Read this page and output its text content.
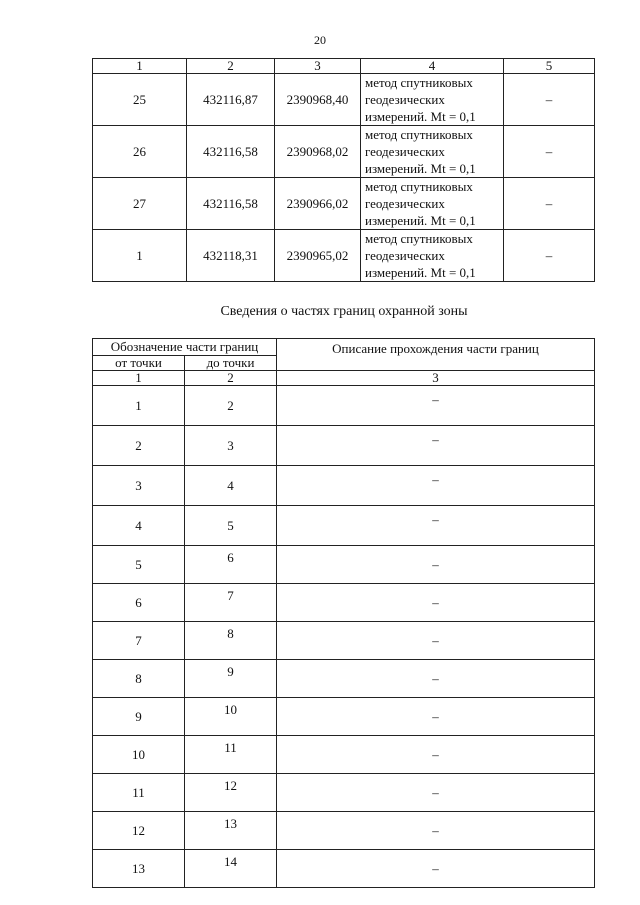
20
1	2	3	4	5
25	432116,87	2390968,40	метод спутниковых
геодезических
измерений. Mt = 0,1	–
26	432116,58	2390968,02	метод спутниковых
геодезических
измерений. Mt = 0,1	–
27	432116,58	2390966,02	метод спутниковых
геодезических
измерений. Mt = 0,1	–
1	432118,31	2390965,02	метод спутниковых
геодезических
измерений. Mt = 0,1	–
Сведения о частях границ охранной зоны
Обозначение части границ		Описание прохождения части границ
от точки	до точки	
1	2	3
1	2	–
2	3	–
3	4	–
4	5	–
5	6	–
6	7	–
7	8	–
8	9	–
9	10	–
10	11	–
11	12	–
12	13	–
13	14	–
